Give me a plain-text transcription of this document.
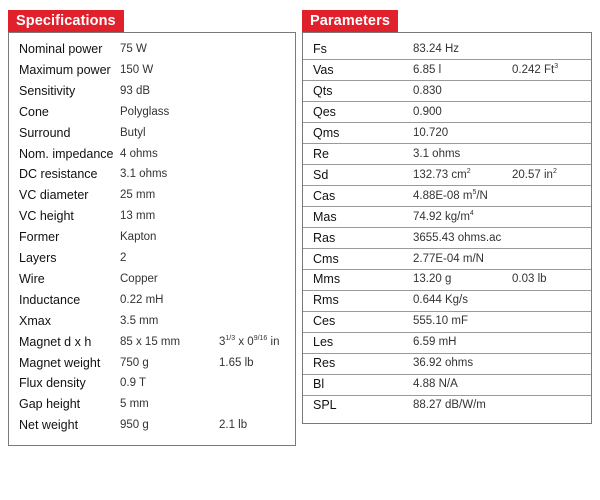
Specifications
Nominal power 75 W
Maximum power 150 W
Sensitivity	93 dB
Cone	Polyglass
Surround	Butyl
Nom. impedance 4 ohms
DC resistance 3.1 ohms
VC diameter	25 mm
VC height	13 mm
Former	Kapton
Layers	2
Wire	Copper
Inductance	0.22 mH
Xmax	3.5 mm
Magnet d x h 85 x 15 mm	$3^{1/3}$ x $0^{9/16}$ in
Magnet weight 750 g	1.65 lb
Flux density	0.9 T
Gap height	5 mm
Net weight	950 g	2.1 lb
Parameters
Fs	83.24 Hz
Vas	6.85 l	0.242 Ft$^3$
Qts	0.830
Qes	0.900
Qms	10.720
Re	3.1 ohms
Sd	132.73 $cm^2$	20.57 $in^2$
Cas	4.88E-08 $m^5/N$
Mas	74.92 $kg/m^4$
Ras	3655.43 ohms.ac
Cms	2.77E-04 m/N
Mms	13.20 g	0.03 lb
Rms	0.644 Kg/s
Ces	555.10 mF
Les	6.59 mH
Res	36.92 ohms
Bl	4.88 N/A
SPL	88.27 dB/W/m
